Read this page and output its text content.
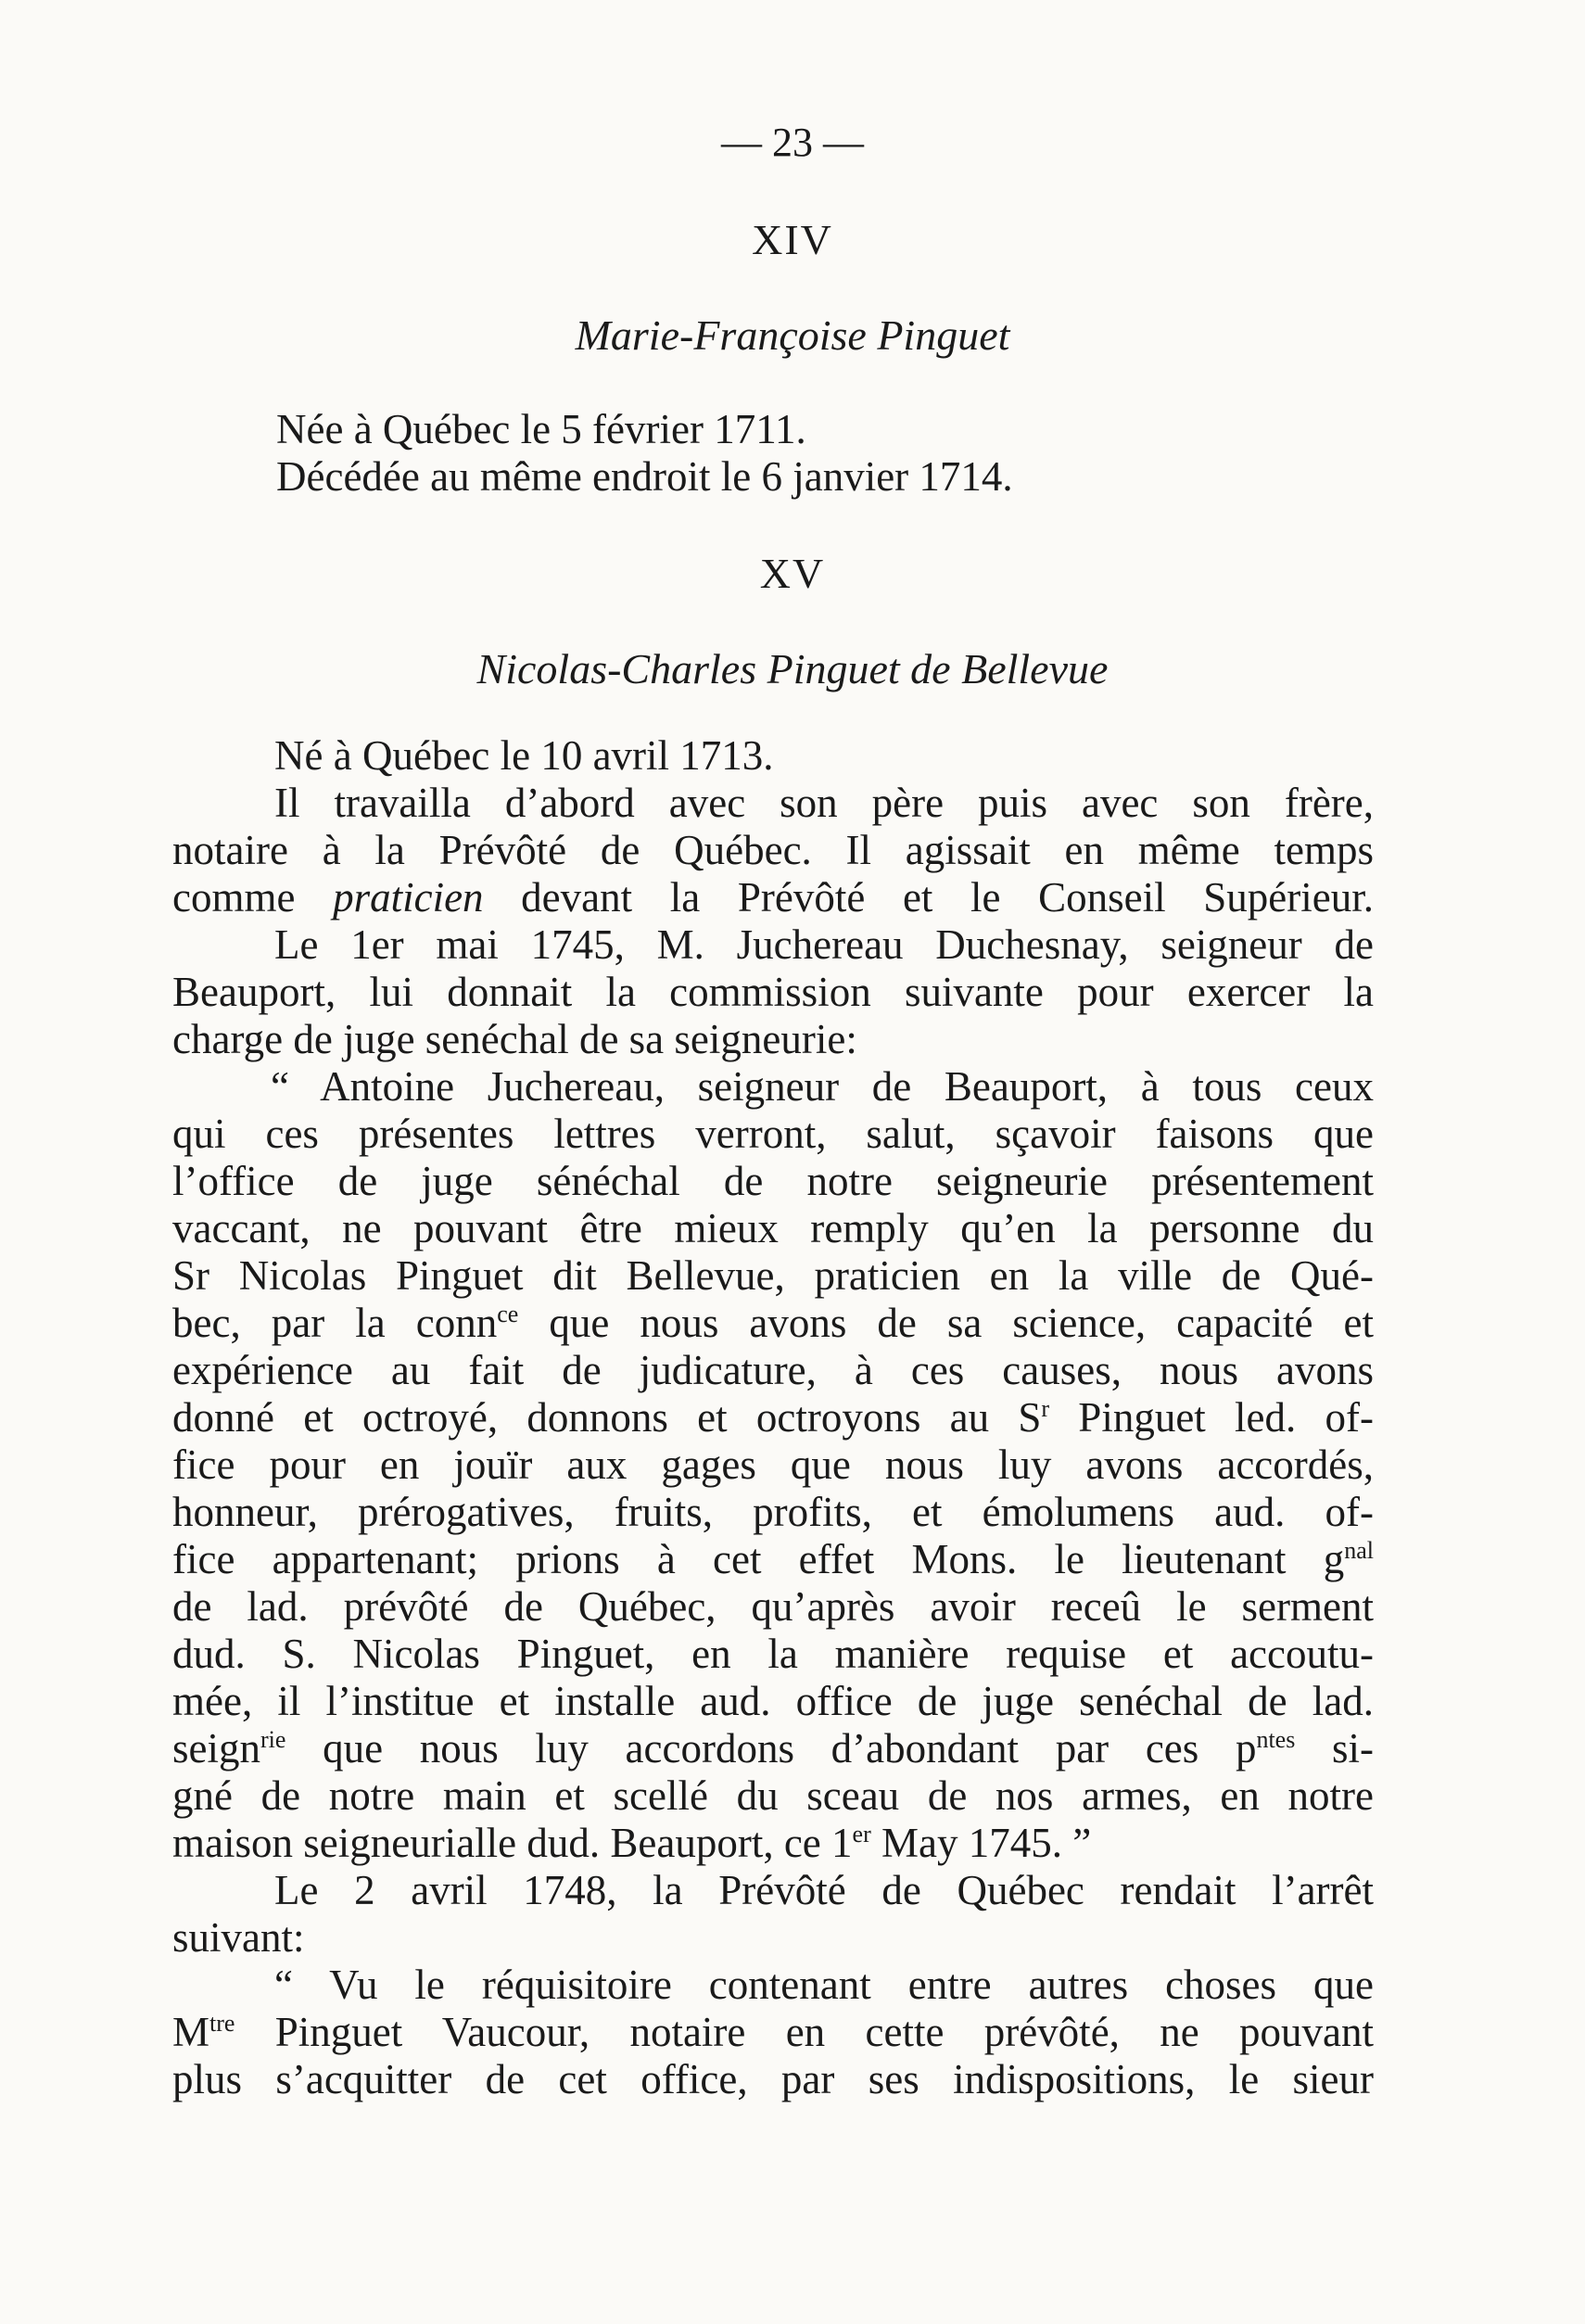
— 23 —
XIV
Marie-Françoise Pinguet
Née à Québec le 5 février 1711.
Décédée au même endroit le 6 janvier 1714.
XV
Nicolas-Charles Pinguet de Bellevue
Né à Québec le 10 avril 1713.
Il travailla d’abord avec son père puis avec son frère,
notaire à la Prévôté de Québec. Il agissait en même temps
comme praticien devant la Prévôté et le Conseil Supérieur.
Le 1er mai 1745, M. Juchereau Duchesnay, seigneur de
Beauport, lui donnait la commission suivante pour exercer la
charge de juge senéchal de sa seigneurie:
“ Antoine Juchereau, seigneur de Beauport, à tous ceux
qui ces présentes lettres verront, salut, sçavoir faisons que
l’office de juge sénéchal de notre seigneurie présentement
vaccant, ne pouvant être mieux remply qu’en la personne du
Sr Nicolas Pinguet dit Bellevue, praticien en la ville de Qué-
bec, par la conn$^{ce}$ que nous avons de sa science, capacité et
expérience au fait de judicature, à ces causes, nous avons
donné et octroyé, donnons et octroyons au $S^r$ Pinguet led. of-
fice pour en jouïr aux gages que nous luy avons accordés,
honneur, prérogatives, fruits, profits, et émolumens aud. of-
fice appartenant; prions à cet effet Mons. le lieutenant $g^{nal}$
de lad. prévôté de Québec, qu’après avoir receû le serment
dud. S. Nicolas Pinguet, en la manière requise et accoutu-
mée, il l’institue et installe aud. office de juge senéchal de lad.
seign$^{rie}$ que nous luy accordons d’abondant par ces $p^{ntes}$ si-
gné de notre main et scellé du sceau de nos armes, en notre
maison seigneurialle dud. Beauport, ce 1er May 1745. ”
Le 2 avril 1748, la Prévôté de Québec rendait l’arrêt
suivant:
“ Vu le réquisitoire contenant entre autres choses que
$M^{tre}$ Pinguet Vaucour, notaire en cette prévôté, ne pouvant
plus s’acquitter de cet office, par ses indispositions, le sieur
